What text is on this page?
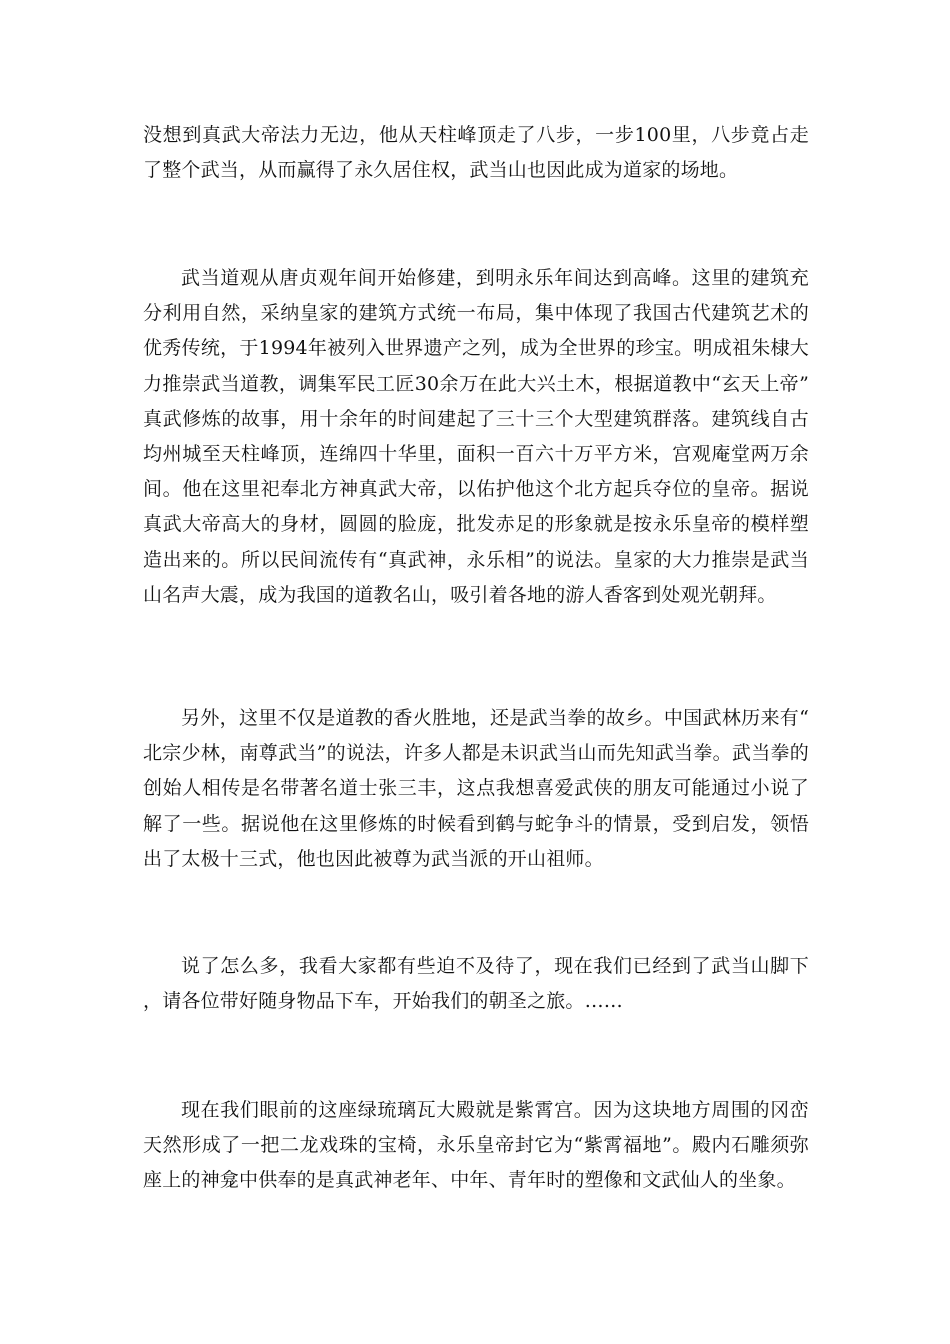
没想到真武大帝法力无边，他从天柱峰顶走了八步，一步100里，八步竟占走了整个武当，从而赢得了永久居住权，武当山也因此成为道家的场地。

武当道观从唐贞观年间开始修建，到明永乐年间达到高峰。这里的建筑充分利用自然，采纳皇家的建筑方式统一布局，集中体现了我国古代建筑艺术的优秀传统，于1994年被列入世界遗产之列，成为全世界的珍宝。明成祖朱棣大力推崇武当道教，调集军民工匠30余万在此大兴土木，根据道教中“玄天上帝”真武修炼的故事，用十余年的时间建起了三十三个大型建筑群落。建筑线自古均州城至天柱峰顶，连绵四十华里，面积一百六十万平方米，宫观庵堂两万余间。他在这里祀奉北方神真武大帝，以佑护他这个北方起兵夺位的皇帝。据说真武大帝高大的身材，圆圆的脸庞，批发赤足的形象就是按永乐皇帝的模样塑造出来的。所以民间流传有“真武神，永乐相”的说法。皇家的大力推崇是武当山名声大震，成为我国的道教名山，吸引着各地的游人香客到处观光朝拜。

另外，这里不仅是道教的香火胜地，还是武当拳的故乡。中国武林历来有“北宗少林，南尊武当”的说法，许多人都是未识武当山而先知武当拳。武当拳的创始人相传是名带著名道士张三丰，这点我想喜爱武侠的朋友可能通过小说了解了一些。据说他在这里修炼的时候看到鹤与蛇争斗的情景，受到启发，领悟出了太极十三式，他也因此被尊为武当派的开山祖师。

说了怎么多，我看大家都有些迫不及待了，现在我们已经到了武当山脚下，请各位带好随身物品下车，开始我们的朝圣之旅。……

现在我们眼前的这座绿琉璃瓦大殿就是紫霄宫。因为这块地方周围的冈峦天然形成了一把二龙戏珠的宝椅，永乐皇帝封它为“紫霄福地”。殿内石雕须弥座上的神龛中供奉的是真武神老年、中年、青年时的塑像和文武仙人的坐象。
